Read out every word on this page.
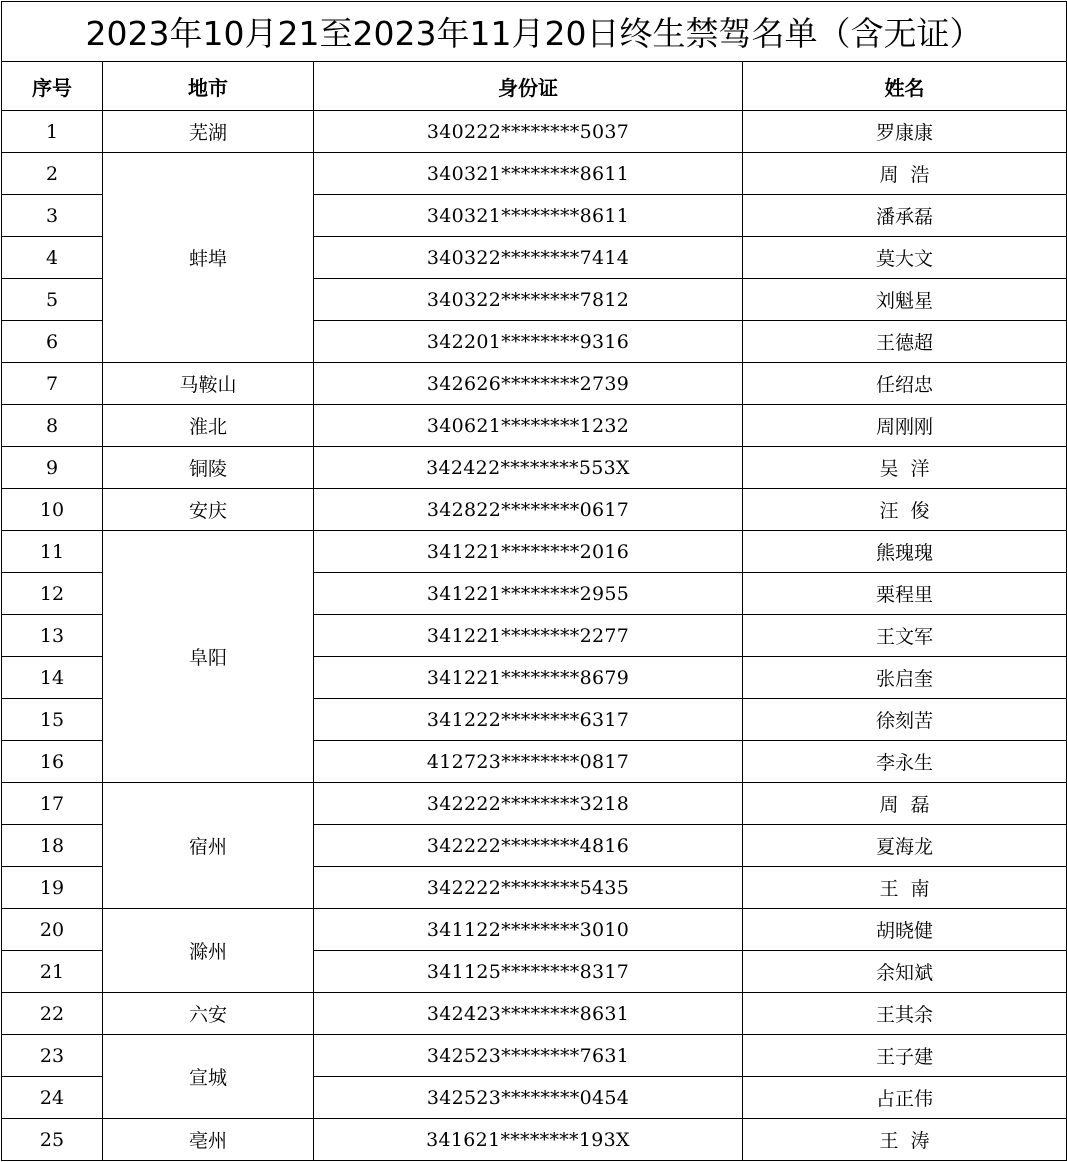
2023年10月21至2023年11月20日终生禁驾名单（含无证）			
序号	地市	身份证	姓名
1	芜湖	340222********5037	罗康康
2	蚌埠	340321********8611	周  浩
3		340321********8611	潘承磊
4		340322********7414	莫大文
5		340322********7812	刘魁星
6		342201********9316	王德超
7	马鞍山	342626********2739	任绍忠
8	淮北	340621********1232	周刚刚
9	铜陵	342422********553X	吴  洋
10	安庆	342822********0617	汪  俊
11	阜阳	341221********2016	熊瑰瑰
12		341221********2955	栗程里
13		341221********2277	王文军
14		341221********8679	张启奎
15		341222********6317	徐刻苦
16		412723********0817	李永生
17	宿州	342222********3218	周  磊
18		342222********4816	夏海龙
19		342222********5435	王  南
20	滁州	341122********3010	胡晓健
21		341125********8317	余知斌
22	六安	342423********8631	王其余
23	宣城	342523********7631	王子建
24		342523********0454	占正伟
25	亳州	341621********193X	王  涛
